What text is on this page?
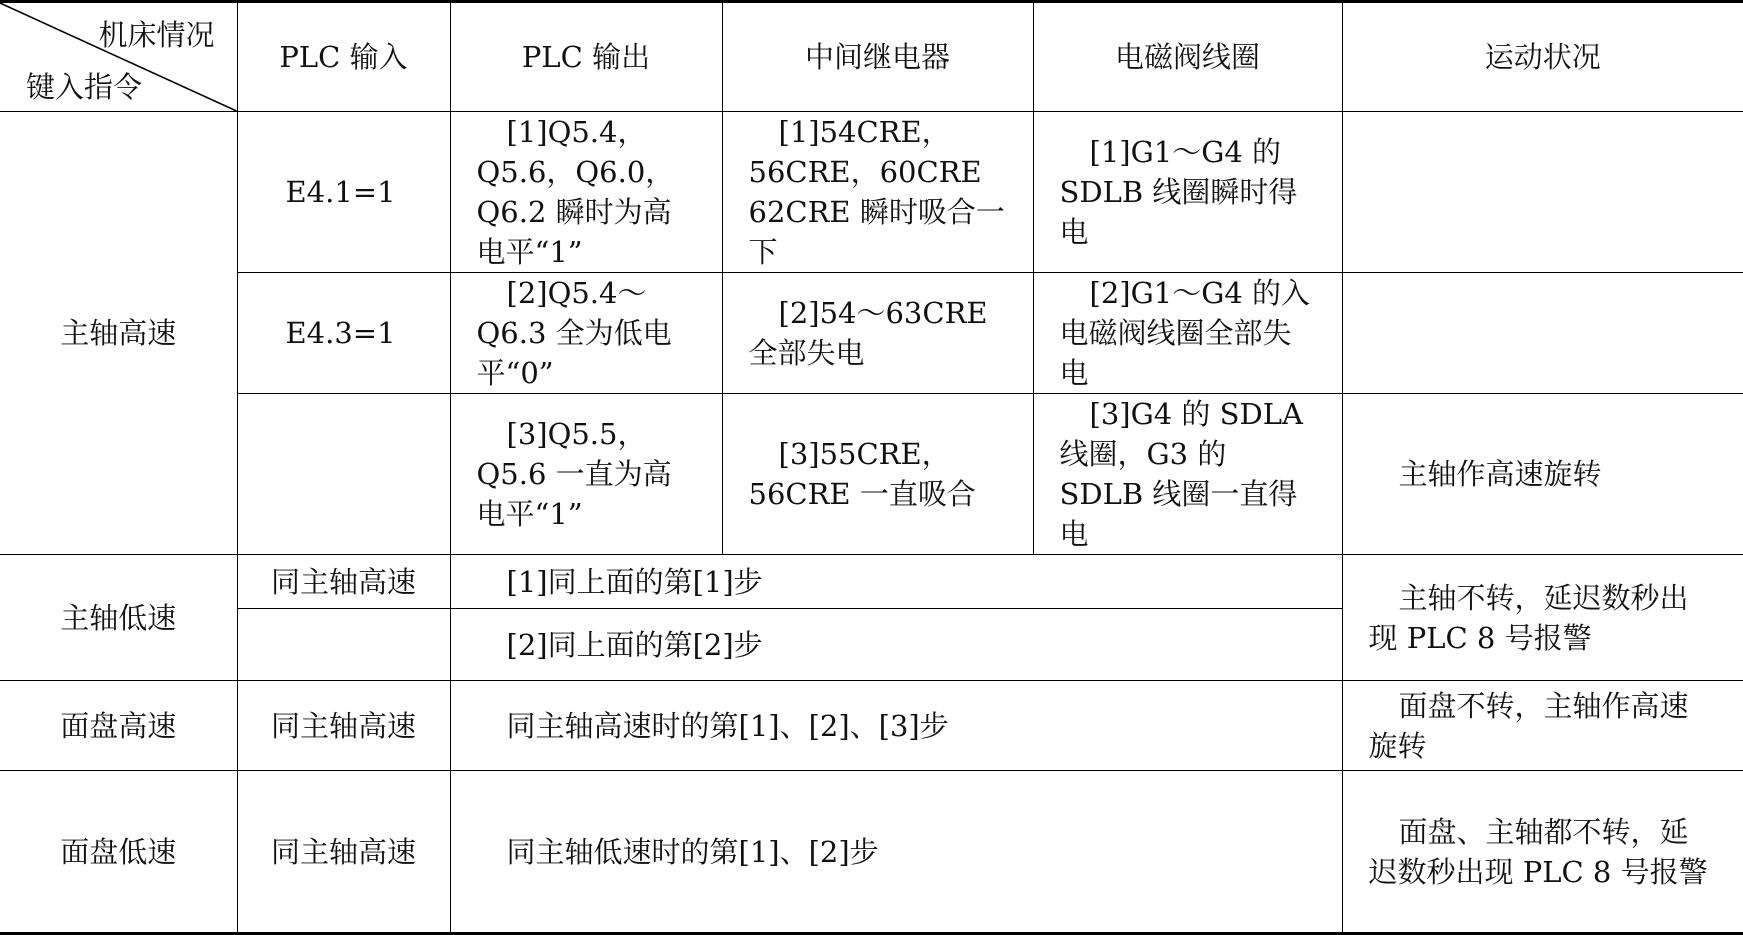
机床情况
键入指令	PLC 输入	PLC 输出	中间继电器	电磁阀线圈	运动状况
主轴高速	E4.1=1	[1]Q5.4，Q5.6，Q6.0，Q6.2 瞬时为高电平“1”	[1]54CRE，56CRE，60CRE 62CRE 瞬时吸合一下	[1]G1～G4 的 SDLB 线圈瞬时得电	
	E4.3=1	[2]Q5.4～Q6.3 全为低电平“0”	[2]54～63CRE 全部失电	[2]G1～G4 的入电磁阀线圈全部失电	
		[3]Q5.5，Q5.6 一直为高电平“1”	[3]55CRE， 56CRE 一直吸合	[3]G4 的 SDLA 线圈，G3 的 SDLB 线圈一直得电	主轴作高速旋转
主轴低速	同主轴高速	[1]同上面的第[1]步			主轴不转，延迟数秒出现 PLC 8 号报警
		[2]同上面的第[2]步			
面盘高速	同主轴高速	同主轴高速时的第[1]、[2]、[3]步			面盘不转，主轴作高速旋转
面盘低速	同主轴高速	同主轴低速时的第[1]、[2]步			面盘、主轴都不转，延迟数秒出现 PLC 8 号报警
